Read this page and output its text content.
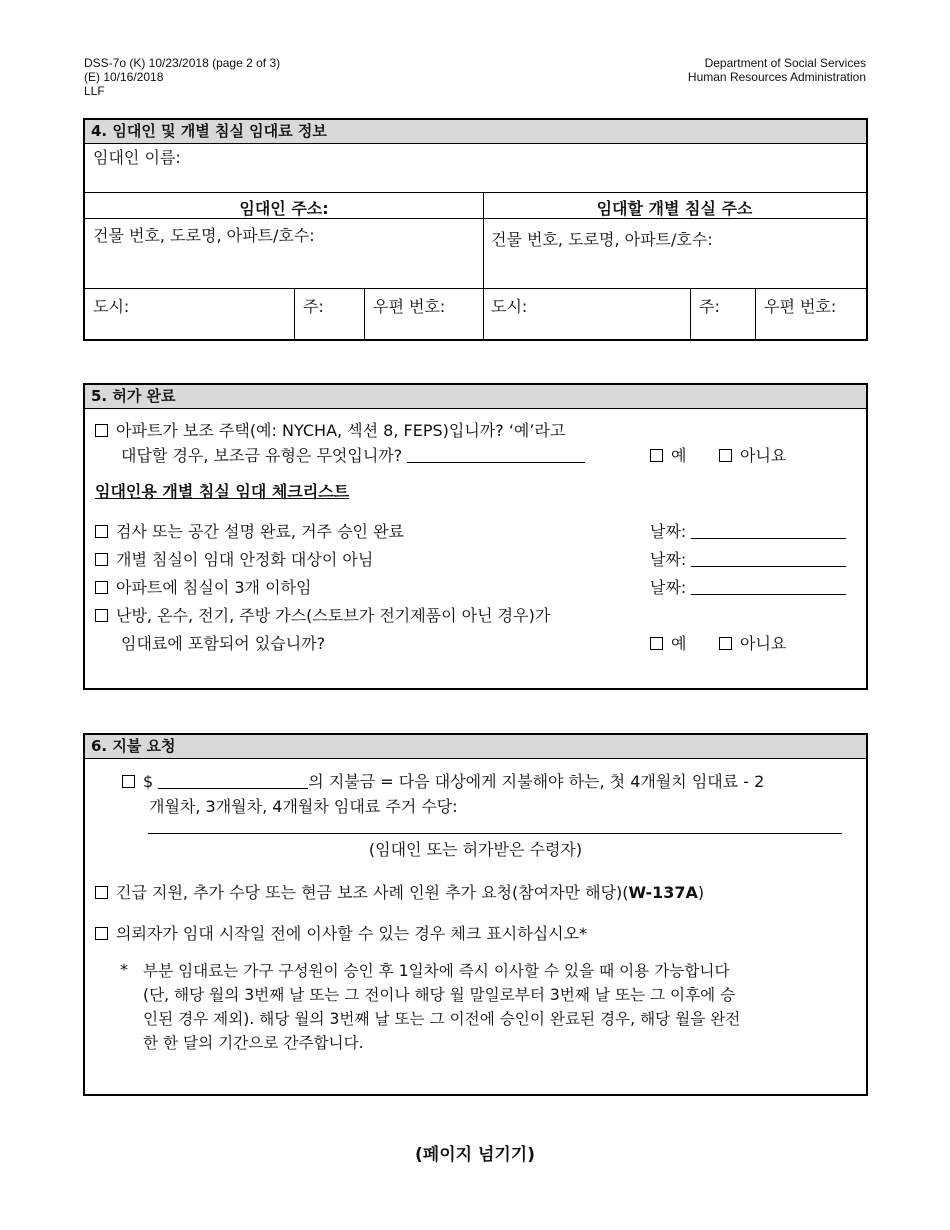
DSS-7o (K) 10/23/2018 (page 2 of 3)
(E) 10/16/2018
LLF
Department of Social Services
Human Resources Administration
4. 임대인 및 개별 침실 임대료 정보
임대인 이름:
임대인 주소:	임대할 개별 침실 주소
건물 번호, 도로명, 아파트/호수:	건물 번호, 도로명, 아파트/호수:
도시:	주:	우편 번호:	도시:	주:	우편 번호:
5. 허가 완료
아파트가 보조 주택(예: NYCHA, 섹션 8, FEPS)입니까? ‘예’라고
대답할 경우, 보조금 유형은 무엇입니까?	예	아니요
임대인용 개별 침실 임대 체크리스트
검사 또는 공간 설명 완료, 거주 승인 완료	날짜:
개별 침실이 임대 안정화 대상이 아님	날짜:
아파트에 침실이 3개 이하임	날짜:
난방, 온수, 전기, 주방 가스(스토브가 전기제품이 아닌 경우)가
임대료에 포함되어 있습니까?	예	아니요
6. 지불 요청
$	의 지불금 = 다음 대상에게 지불해야 하는, 첫 4개월치 임대료 - 2
개월차, 3개월차, 4개월차 임대료 주거 수당:
(임대인 또는 허가받은 수령자)
긴급 지원, 추가 수당 또는 현금 보조 사례 인원 추가 요청(참여자만 해당)(W-137A)
의뢰자가 임대 시작일 전에 이사할 수 있는 경우 체크 표시하십시오*
* 부분 임대료는 가구 구성원이 승인 후 1일차에 즉시 이사할 수 있을 때 이용 가능합니다
(단, 해당 월의 3번째 날 또는 그 전이나 해당 월 말일로부터 3번째 날 또는 그 이후에 승
인된 경우 제외). 해당 월의 3번째 날 또는 그 이전에 승인이 완료된 경우, 해당 월을 완전
한 한 달의 기간으로 간주합니다.
(페이지 넘기기)
